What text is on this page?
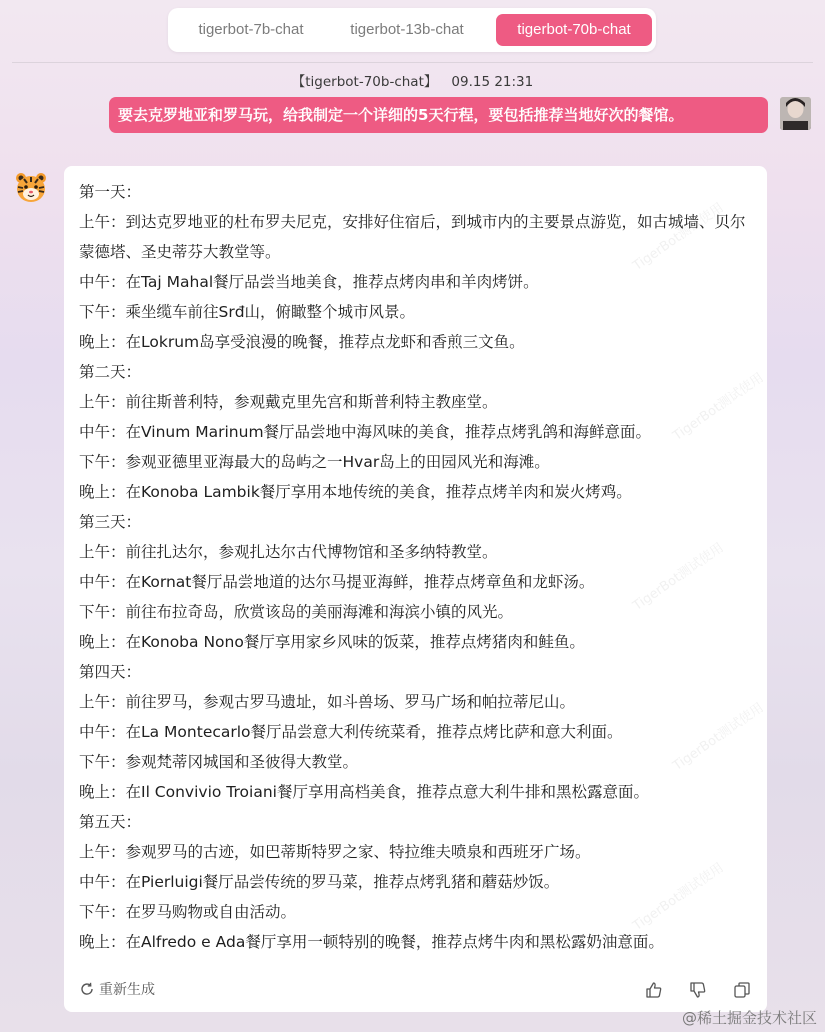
tigerbot-7b-chat	tigerbot-13b-chat	tigerbot-70b-chat
【tigerbot-70b-chat】 09.15 21:31
要去克罗地亚和罗马玩，给我制定一个详细的5天行程，要包括推荐当地好次的餐馆。
TigerBot测试使用
TigerBot测试使用
TigerBot测试使用
TigerBot测试使用
TigerBot测试使用
第一天：
上午：到达克罗地亚的杜布罗夫尼克，安排好住宿后，到城市内的主要景点游览，如古城墙、贝尔蒙德塔、圣史蒂芬大教堂等。
中午：在Taj Mahal餐厅品尝当地美食，推荐点烤肉串和羊肉烤饼。
下午：乘坐缆车前往Srđ山，俯瞰整个城市风景。
晚上：在Lokrum岛享受浪漫的晚餐，推荐点龙虾和香煎三文鱼。
第二天：
上午：前往斯普利特，参观戴克里先宫和斯普利特主教座堂。
中午：在Vinum Marinum餐厅品尝地中海风味的美食，推荐点烤乳鸽和海鲜意面。
下午：参观亚德里亚海最大的岛屿之一Hvar岛上的田园风光和海滩。
晚上：在Konoba Lambik餐厅享用本地传统的美食，推荐点烤羊肉和炭火烤鸡。
第三天：
上午：前往扎达尔，参观扎达尔古代博物馆和圣多纳特教堂。
中午：在Kornat餐厅品尝地道的达尔马提亚海鲜，推荐点烤章鱼和龙虾汤。
下午：前往布拉奇岛，欣赏该岛的美丽海滩和海滨小镇的风光。
晚上：在Konoba Nono餐厅享用家乡风味的饭菜，推荐点烤猪肉和鲑鱼。
第四天：
上午：前往罗马，参观古罗马遗址，如斗兽场、罗马广场和帕拉蒂尼山。
中午：在La Montecarlo餐厅品尝意大利传统菜肴，推荐点烤比萨和意大利面。
下午：参观梵蒂冈城国和圣彼得大教堂。
晚上：在Il Convivio Troiani餐厅享用高档美食，推荐点意大利牛排和黑松露意面。
第五天：
上午：参观罗马的古迹，如巴蒂斯特罗之家、特拉维夫喷泉和西班牙广场。
中午：在Pierluigi餐厅品尝传统的罗马菜，推荐点烤乳猪和蘑菇炒饭。
下午：在罗马购物或自由活动。
晚上：在Alfredo e Ada餐厅享用一顿特别的晚餐，推荐点烤牛肉和黑松露奶油意面。
重新生成
@稀土掘金技术社区
